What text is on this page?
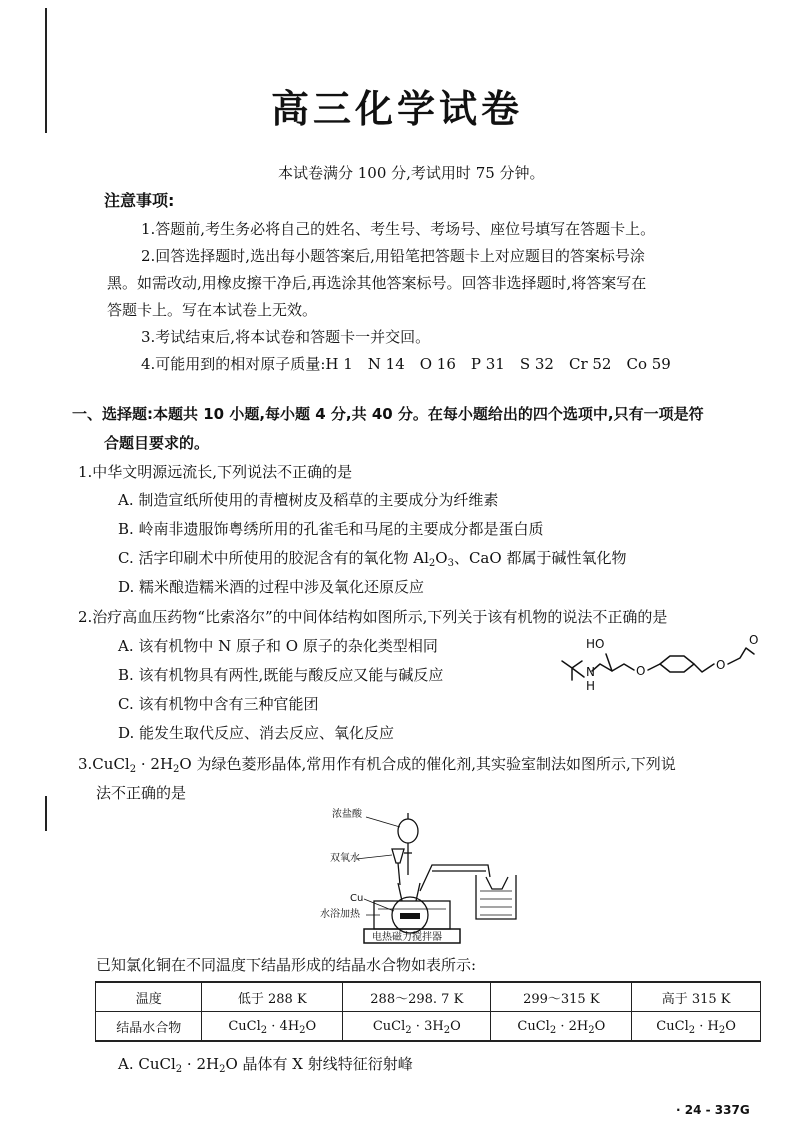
高三化学试卷
本试卷满分 100 分,考试用时 75 分钟。
注意事项:
1.答题前,考生务必将自己的姓名、考生号、考场号、座位号填写在答题卡上。
2.回答选择题时,选出每小题答案后,用铅笔把答题卡上对应题目的答案标号涂
黑。如需改动,用橡皮擦干净后,再选涂其他答案标号。回答非选择题时,将答案写在
答题卡上。写在本试卷上无效。
3.考试结束后,将本试卷和答题卡一并交回。
4.可能用到的相对原子质量:H 1　N 14　O 16　P 31　S 32　Cr 52　Co 59
一、选择题:本题共 10 小题,每小题 4 分,共 40 分。在每小题给出的四个选项中,只有一项是符
合题目要求的。
1.中华文明源远流长,下列说法不正确的是
A. 制造宣纸所使用的青檀树皮及稻草的主要成分为纤维素
B. 岭南非遗服饰粤绣所用的孔雀毛和马尾的主要成分都是蛋白质
C. 活字印刷术中所使用的胶泥含有的氧化物 $Al_2O_3$、CaO 都属于碱性氧化物
D. 糯米酿造糯米酒的过程中涉及氧化还原反应
2.治疗高血压药物“比索洛尔”的中间体结构如图所示,下列关于该有机物的说法不正确的是
A. 该有机物中 N 原子和 O 原子的杂化类型相同
B. 该有机物具有两性,既能与酸反应又能与碱反应
C. 该有机物中含有三种官能团
D. 能发生取代反应、消去反应、氧化反应
HO
N
H
O	O
O
3.CuCl$_2$ · $2H_2O$ 为绿色菱形晶体,常用作有机合成的催化剂,其实验室制法如图所示,下列说
法不正确的是
浓盐酸
双氧水
Cu
水浴加热
电热磁力搅拌器
已知氯化铜在不同温度下结晶形成的结晶水合物如表所示:
温度	低于 288 K	288～298. 7 K	299～315 K	高于 315 K
结晶水合物	CuCl$_2$ · $4H_2O$	CuCl$_2$ · $3H_2O$	CuCl$_2$ · $2H_2O$	CuCl$_2$ · $H_2O$
A. CuCl$_2$ · $2H_2O$ 晶体有 X 射线特征衍射峰
· 24 - 337G
